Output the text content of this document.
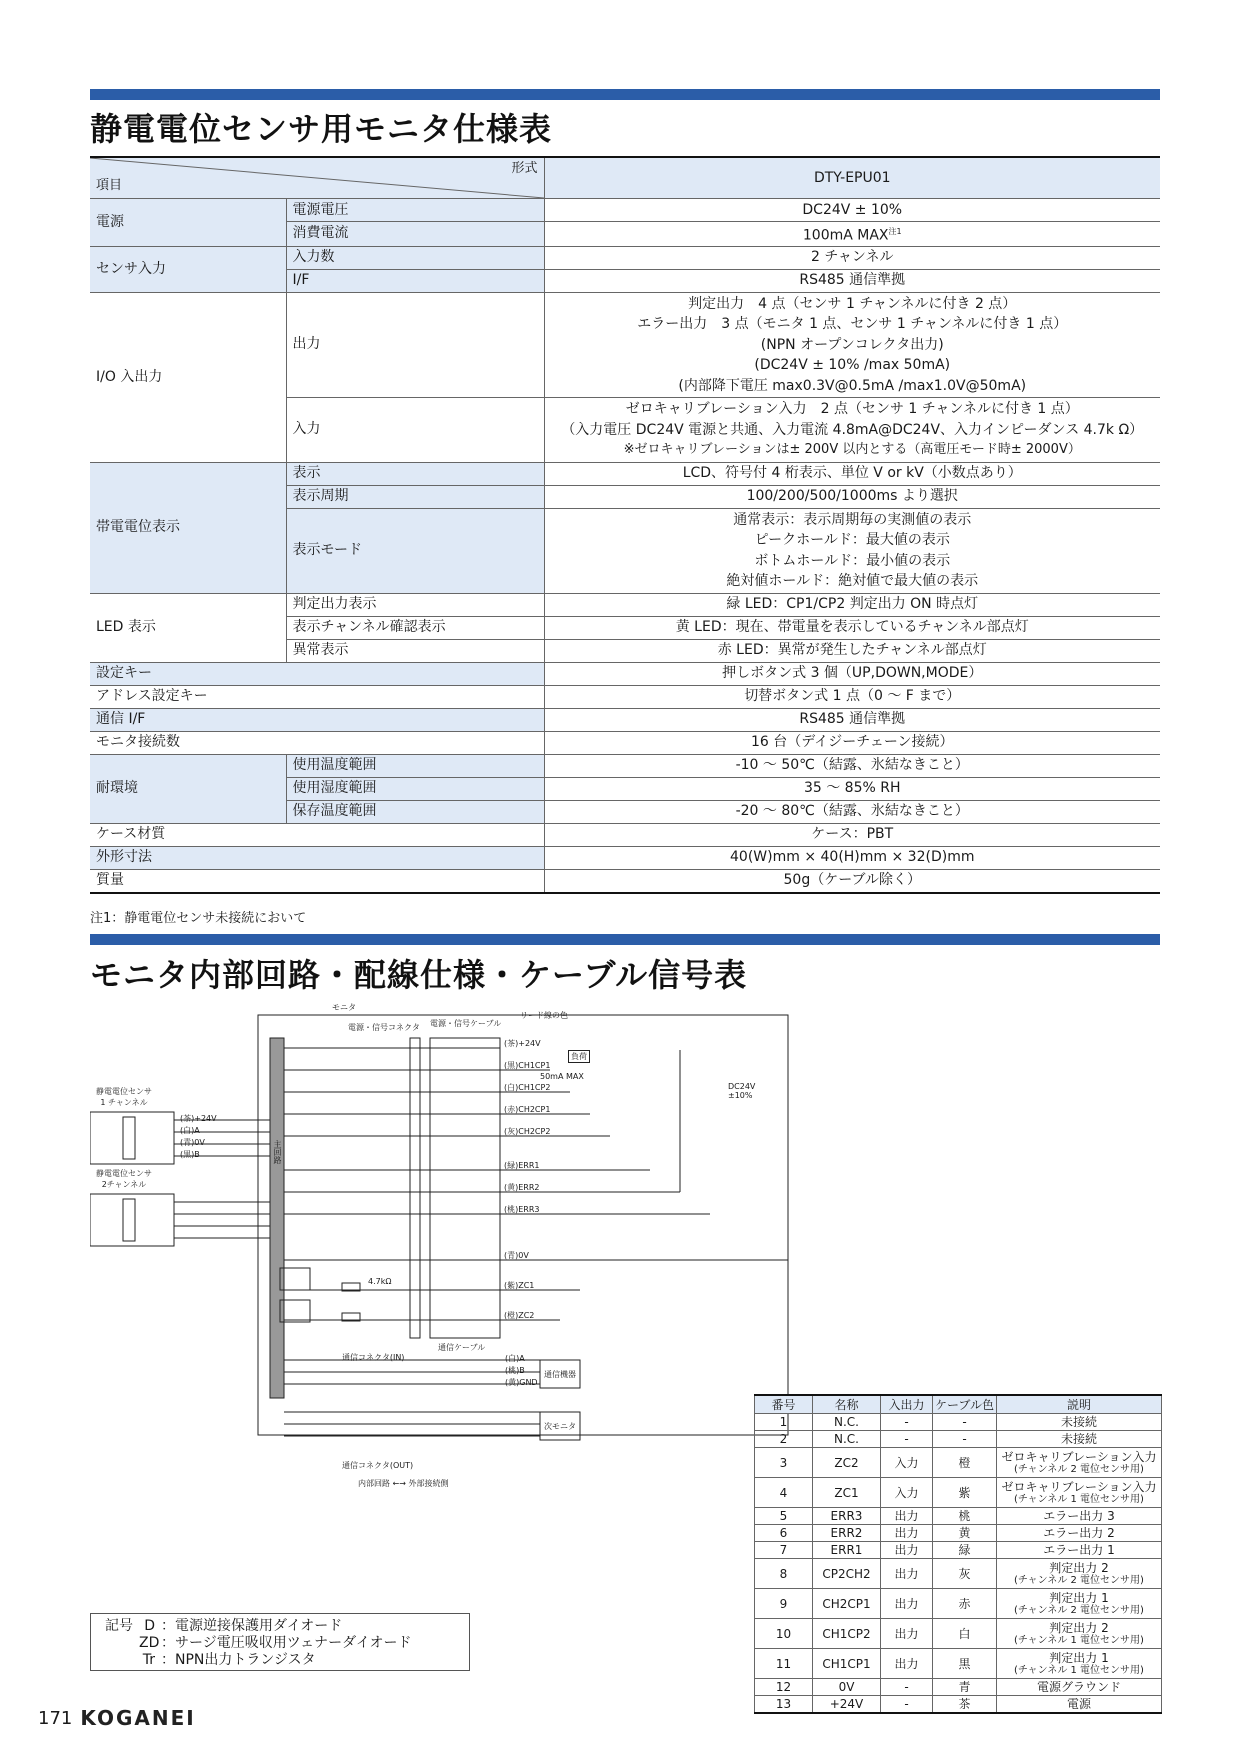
静電電位センサ用モニタ仕様表
形式
項目		DTY-EPU01
電源	電源電圧	DC24V ± 10%
	消費電流	100mA MAX$^{注1}$
センサ入力	入力数	2 チャンネル
	I/F	RS485 通信準拠
I/O 入出力	出力	判定出力　4 点（センサ 1 チャンネルに付き 2 点）
エラー出力　3 点（モニタ 1 点、センサ 1 チャンネルに付き 1 点）
(NPN オープンコレクタ出力)
(DC24V ± 10% /max 50mA)
(内部降下電圧 max0.3V@0.5mA /max1.0V@50mA)

	入力	ゼロキャリブレーション入力　2 点（センサ 1 チャンネルに付き 1 点）
（入力電圧 DC24V 電源と共通、入力電流 4.8mA@DC24V、入力インピーダンス 4.7k Ω）
※ゼロキャリブレーションは± 200V 以内とする（高電圧モード時± 2000V）

帯電電位表示	表示	LCD、符号付 4 桁表示、単位 V or kV（小数点あり）
	表示周期	100/200/500/1000ms より選択
	表示モード	通常表示：表示周期毎の実測値の表示
ピークホールド：最大値の表示
ボトムホールド：最小値の表示
絶対値ホールド：絶対値で最大値の表示

LED 表示	判定出力表示	緑 LED：CP1/CP2 判定出力 ON 時点灯
	表示チャンネル確認表示	黄 LED：現在、帯電量を表示しているチャンネル部点灯
	異常表示	赤 LED：異常が発生したチャンネル部点灯
設定キー		押しボタン式 3 個（UP,DOWN,MODE）
アドレス設定キー		切替ボタン式 1 点（0 〜 F まで）
通信 I/F		RS485 通信準拠
モニタ接続数		16 台（デイジーチェーン接続）
耐環境	使用温度範囲	-10 〜 50℃（結露、氷結なきこと）
	使用湿度範囲	35 〜 85% RH
	保存温度範囲	-20 〜 80℃（結露、氷結なきこと）
ケース材質		ケース：PBT
外形寸法		40(W)mm × 40(H)mm × 32(D)mm
質量		50g（ケーブル除く）
注1：静電電位センサ未接続において
モニタ内部回路・配線仕様・ケーブル信号表
モニタ
電源・信号コネクタ 電源・信号ケーブル
リード線の色
静電電位センサ
1 チャンネル
静電電位センサ
2チャンネル
主回路
(茶)+24V
(白)A
(青)0V
(黒)B
(茶)+24V
(黒)CH1CP1
(白)CH1CP2
(赤)CH2CP1
(灰)CH2CP2
(緑)ERR1
(黄)ERR2
(桃)ERR3
(青)0V
(紫)ZC1
(橙)ZC2
負荷
50mA MAX
DC24V
±10%
4.7kΩ
通信コネクタ(IN)
通信コネクタ(OUT)
通信ケーブル
(白)A
(桃)B
(黄)GND
通信機器
次モニタ
内部回路 ←→ 外部接続側
番号	名称	入出力	ケーブル色	説明
1	N.C.	-	-	未接続
2	N.C.	-	-	未接続
3	ZC2	入力	橙	ゼロキャリブレーション入力
(チャンネル 2 電位センサ用)

4	ZC1	入力	紫	ゼロキャリブレーション入力
(チャンネル 1 電位センサ用)

5	ERR3	出力	桃	エラー出力 3
6	ERR2	出力	黄	エラー出力 2
7	ERR1	出力	緑	エラー出力 1
8	CP2CH2	出力	灰	判定出力 2
(チャンネル 2 電位センサ用)

9	CH2CP1	出力	赤	判定出力 1
(チャンネル 2 電位センサ用)

10	CH1CP2	出力	白	判定出力 2
(チャンネル 1 電位センサ用)

11	CH1CP1	出力	黒	判定出力 1
(チャンネル 1 電位センサ用)

12	0V	-	青	電源グラウンド
13	+24V	-	茶	電源
記号 D ：電源逆接保護用ダイオード
ZD ：サージ電圧吸収用ツェナーダイオード
Tr ：NPN出力トランジスタ
171 KOGANEI
